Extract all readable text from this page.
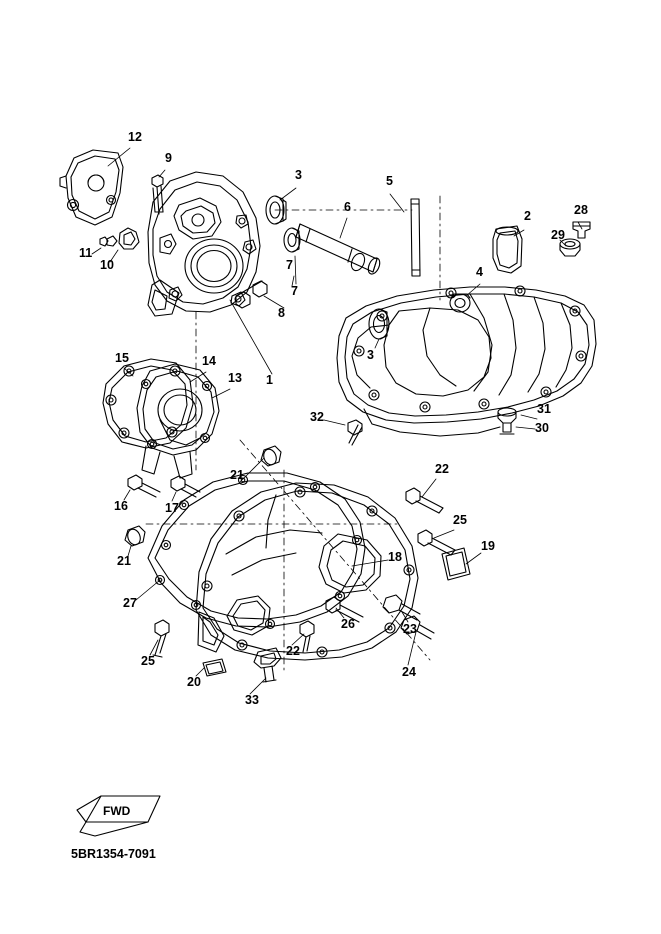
1
2
3
3
4
5
6
7
7
8
9
10
11
12
13
14
15
16	17
18
19
20
21
21
22
22
23
24
25
25
26
27
28
29
30
31
32
33
FWD
5BR1354-7091
